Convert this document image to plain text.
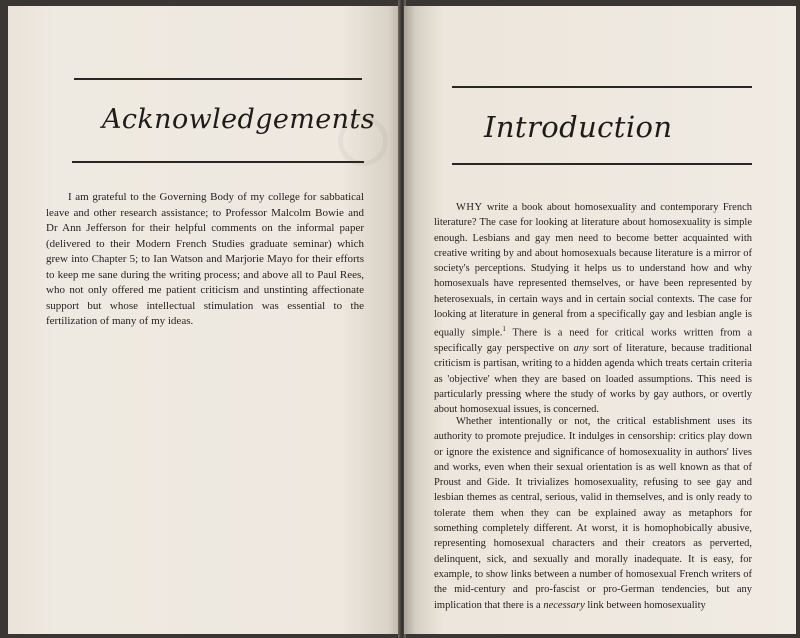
Acknowledgements

I am grateful to the Governing Body of my college for sabbatical leave and other research assistance; to Professor Malcolm Bowie and Dr Ann Jefferson for their helpful comments on the informal paper (delivered to their Modern French Studies graduate seminar) which grew into Chapter 5; to Ian Watson and Marjorie Mayo for their efforts to keep me sane during the writing process; and above all to Paul Rees, who not only offered me patient criticism and unstinting affectionate support but whose intellectual stimulation was essential to the fertilization of many of my ideas.

Introduction

WHY write a book about homosexuality and contemporary French literature? The case for looking at literature about homosexuality is simple enough. Lesbians and gay men need to become better acquainted with creative writing by and about homosexuals because literature is a mirror of society's perceptions. Studying it helps us to understand how and why homosexuals have represented themselves, or have been represented by heterosexuals, in certain ways and in certain social contexts. The case for looking at literature in general from a specifically gay and lesbian angle is equally simple.$^1$ There is a need for critical works written from a specifically gay perspective on any sort of literature, because traditional criticism is partisan, writing to a hidden agenda which treats certain criteria as 'objective' when they are based on loaded assumptions. This need is particularly pressing where the study of works by gay authors, or overtly about homosexual issues, is concerned.

Whether intentionally or not, the critical establishment uses its authority to promote prejudice. It indulges in censorship: critics play down or ignore the existence and significance of homosexuality in authors' lives and works, even when their sexual orientation is as well known as that of Proust and Gide. It trivializes homosexuality, refusing to see gay and lesbian themes as central, serious, valid in themselves, and is only ready to tolerate them when they can be explained away as metaphors for something completely different. At worst, it is homophobically abusive, representing homosexual characters and their creators as perverted, delinquent, sick, and sexually and morally inadequate. It is easy, for example, to show links between a number of homosexual French writers of the mid-century and pro-fascist or pro-German tendencies, but any implication that there is a necessary link between homosexuality
